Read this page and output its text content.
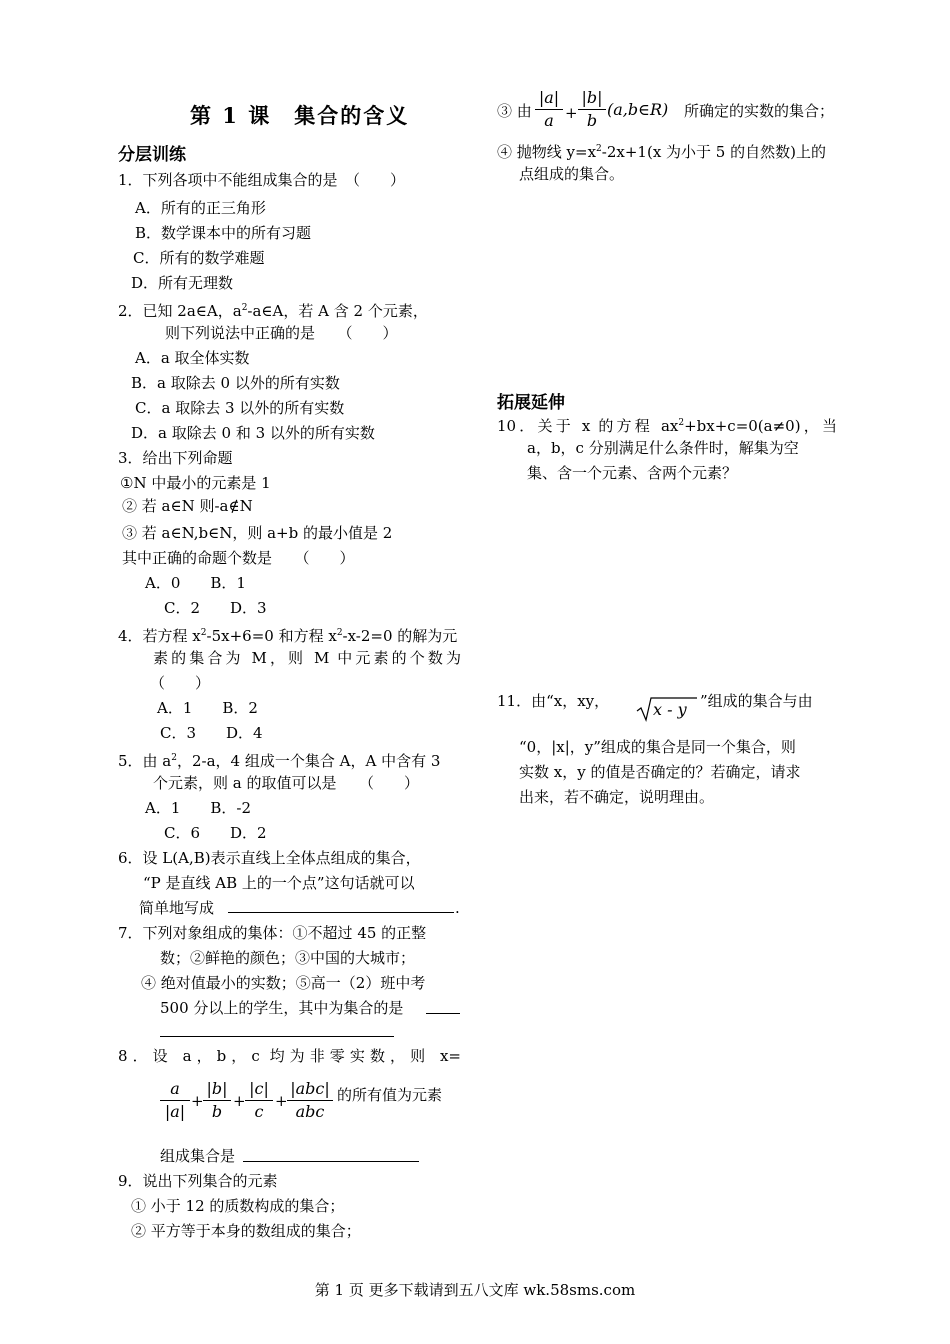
第 1 课　集合的含义
分层训练
1．下列各项中不能组成集合的是　（　　）
A．所有的正三角形
B．数学课本中的所有习题
C．所有的数学难题
D．所有无理数
2．已知 2a∈A，$a^2-a\in A$，若 A 含 2 个元素，
则下列说法中正确的是　　（　　）
A．a 取全体实数
B．a 取除去 0 以外的所有实数
C．a 取除去 3 以外的所有实数
D．a 取除去 0 和 3 以外的所有实数
3．给出下列命题
①N 中最小的元素是 1
② 若 a∈N 则-a∉N
③ 若 a∈N,b∈N，则 a+b 的最小值是 2
其中正确的命题个数是　　（　　）
A．0　　B．1
C．2　　D．3
4．若方程 $x^2-5x+6=0$ 和方程 $x^2-x-2=0$ 的解为元
素的集合为 M，则 M 中元素的个数为
（　　）
A．1　　B．2
C．3　　D．4
5．由 $a^2$，2-a，4 组成一个集合 A，A 中含有 3
个元素，则 a 的取值可以是　　（　　）
A．1　　B．-2
C．6　　D．2
6．设 L(A,B)表示直线上全体点组成的集合，
“P 是直线 AB 上的一个点”这句话就可以
简单地写成	.
7．下列对象组成的集体：①不超过 45 的正整
数；②鲜艳的颜色；③中国的大城市；
④ 绝对值最小的实数；⑤高一（2）班中考
500 分以上的学生，其中为集合的是
8．设 a，b，c 均为非零实数，则 x=
a
|a|
+
|b|
b
+
|c|
c
+
|abc|
abc
的所有值为元素
组成集合是
9．说出下列集合的元素
① 小于 12 的质数构成的集合；
② 平方等于本身的数组成的集合；
③ 由
|a|
a +
|b|
b
(a,b∈R) 所确定的实数的集合；
④ 抛物线 $y=x^2-2x+1(x$ 为小于 5 的自然数)上的
点组成的集合。
拓展延伸
10．关于 x 的方程 $ax^2+bx+c=0(a\ne 0)$，当
a，b，c 分别满足什么条件时，解集为空
集、含一个元素、含两个元素？
11．由“x，xy，	x - y ”组成的集合与由
“0，|x|，y”组成的集合是同一个集合，则
实数 x，y 的值是否确定的？若确定，请求
出来，若不确定，说明理由。
第 1 页 更多下载请到五八文库 wk.58sms.com
